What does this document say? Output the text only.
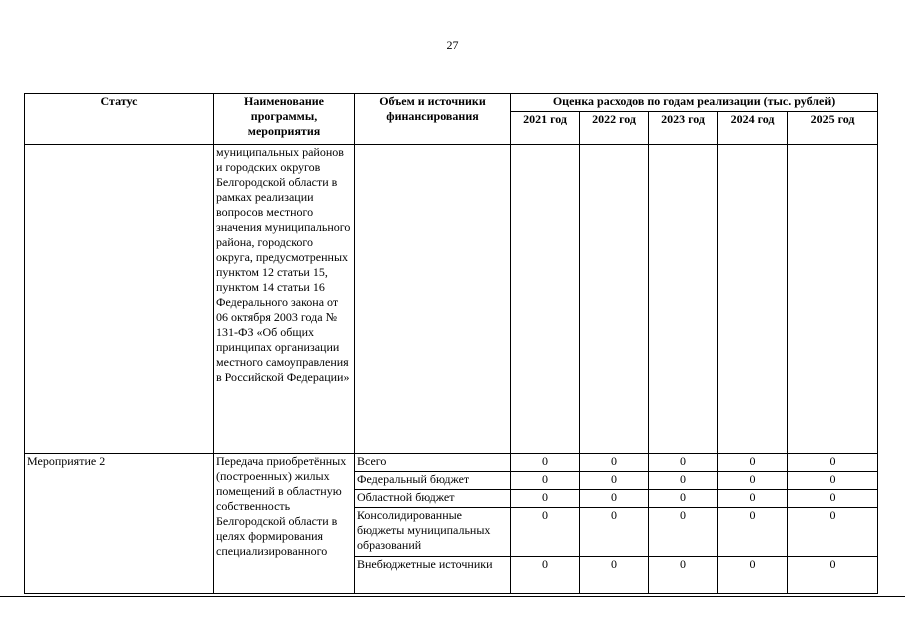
27
Статус	Наименование программы, мероприятия	Объем и источники финансирования	Оценка расходов по годам реализации (тыс. рублей)				
			2021 год	2022 год	2023 год	2024 год	2025 год
	муниципальных районов и городских округов Белгородской области в рамках реализации вопросов местного значения муниципального района, городского округа, предусмотренных пунктом 12 статьи 15, пунктом 14 статьи 16 Федерального закона от 06 октября 2003 года № 131-ФЗ «Об общих принципах организации местного самоуправления в Российской Федерации»						
Мероприятие 2	Передача приобретённых (построенных) жилых помещений в областную собственность Белгородской области в целях формирования специализированного	Всего	0	0	0	0	0
		Федеральный бюджет	0	0	0	0	0
		Областной бюджет	0	0	0	0	0
		Консолидированные бюджеты муниципальных образований	0	0	0	0	0
		Внебюджетные источники	0	0	0	0	0
